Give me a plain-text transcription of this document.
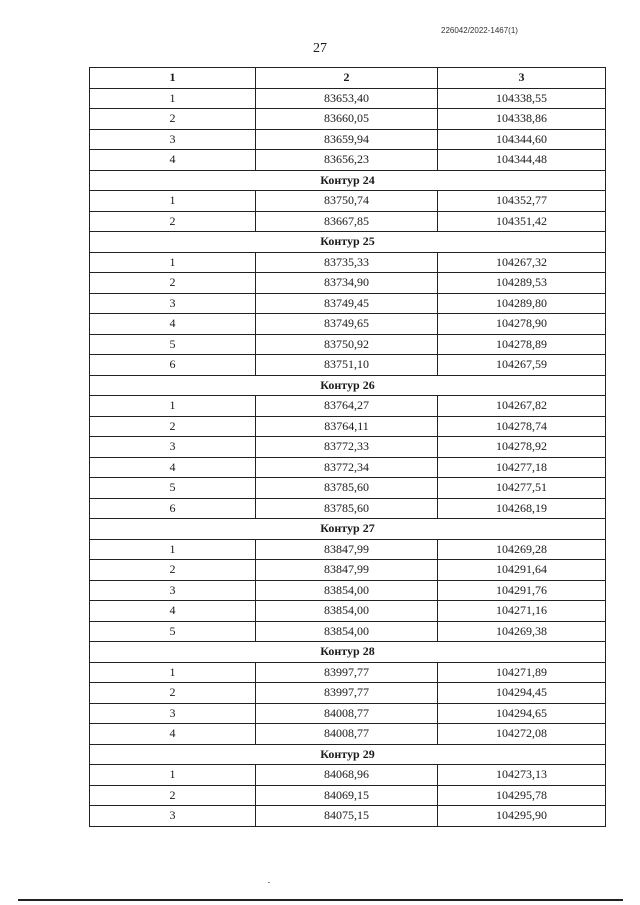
226042/2022-1467(1)
27
1	2	3
1	83653,40	104338,55
2	83660,05	104338,86
3	83659,94	104344,60
4	83656,23	104344,48
Контур 24		
1	83750,74	104352,77
2	83667,85	104351,42
Контур 25		
1	83735,33	104267,32
2	83734,90	104289,53
3	83749,45	104289,80
4	83749,65	104278,90
5	83750,92	104278,89
6	83751,10	104267,59
Контур 26		
1	83764,27	104267,82
2	83764,11	104278,74
3	83772,33	104278,92
4	83772,34	104277,18
5	83785,60	104277,51
6	83785,60	104268,19
Контур 27		
1	83847,99	104269,28
2	83847,99	104291,64
3	83854,00	104291,76
4	83854,00	104271,16
5	83854,00	104269,38
Контур 28		
1	83997,77	104271,89
2	83997,77	104294,45
3	84008,77	104294,65
4	84008,77	104272,08
Контур 29		
1	84068,96	104273,13
2	84069,15	104295,78
3	84075,15	104295,90
